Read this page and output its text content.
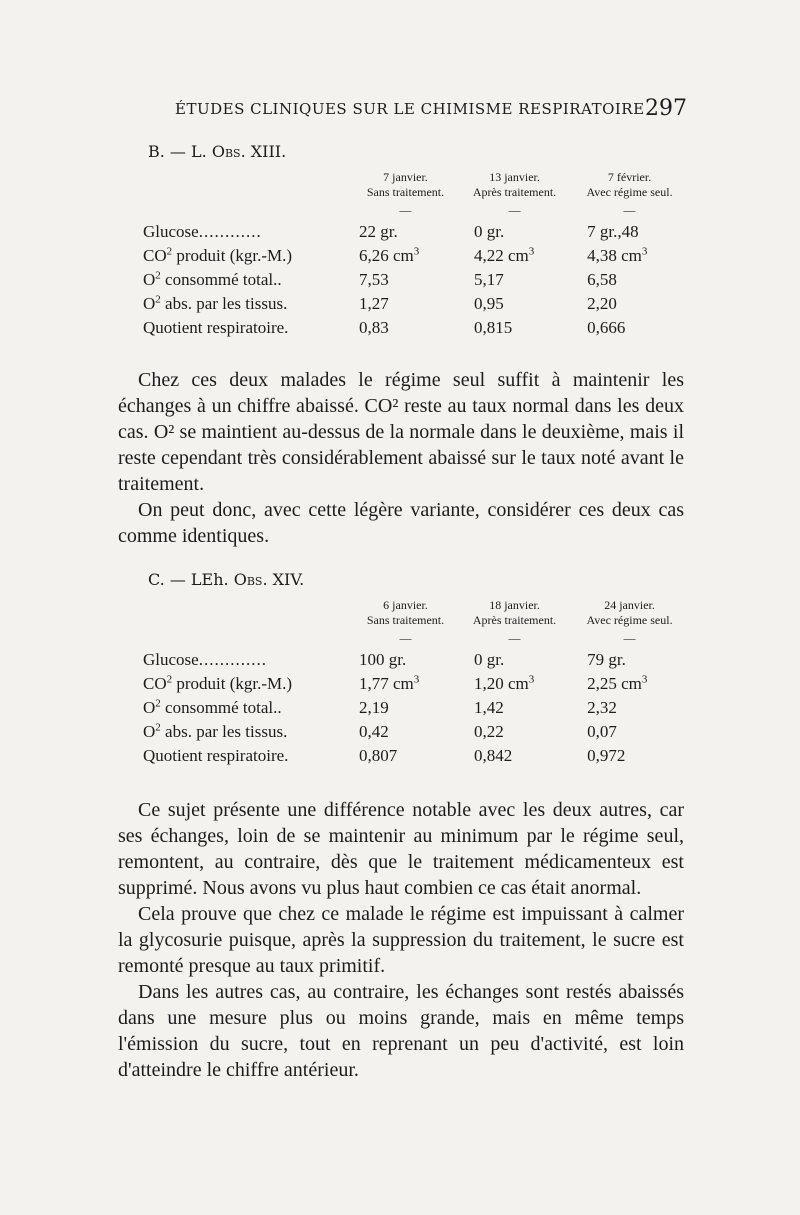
ÉTUDES CLINIQUES SUR LE CHIMISME RESPIRATOIRE 297
B. — L. Obs. XIII.
	7 janvier.	13 janvier.	7 février.
	Sans traitement.	Après traitement.	Avec régime seul.
	—	—	—
Glucose............	22 gr.	0 gr.	7 gr.,48
$CO^2$ produit (kgr.-M.)	6,26 $cm^3$	4,22 $cm^3$	4,38 $cm^3$
$O^2$ consommé total..	7,53	5,17	6,58
$O^2$ abs. par les tissus.	1,27	0,95	2,20
Quotient respiratoire.	0,83	0,815	0,666

Chez ces deux malades le régime seul suffit à maintenir les échanges à un chiffre abaissé. CO² reste au taux normal dans les deux cas. O² se maintient au-dessus de la normale dans le deuxième, mais il reste cependant très considérablement abaissé sur le taux noté avant le traitement.

On peut donc, avec cette légère variante, considérer ces deux cas comme identiques.

C. — LEh. Obs. XIV.
	6 janvier.	18 janvier.	24 janvier.
	Sans traitement.	Après traitement.	Avec régime seul.
	—	—	—
Glucose.............	100 gr.	0 gr.	79 gr.
$CO^2$ produit (kgr.-M.)	1,77 $cm^3$	1,20 $cm^3$	2,25 $cm^3$
$O^2$ consommé total..	2,19	1,42	2,32
$O^2$ abs. par les tissus.	0,42	0,22	0,07
Quotient respiratoire.	0,807	0,842	0,972

Ce sujet présente une différence notable avec les deux autres, car ses échanges, loin de se maintenir au minimum par le régime seul, remontent, au contraire, dès que le traitement médicamenteux est supprimé. Nous avons vu plus haut combien ce cas était anormal.

Cela prouve que chez ce malade le régime est impuissant à calmer la glycosurie puisque, après la suppression du traitement, le sucre est remonté presque au taux primitif.

Dans les autres cas, au contraire, les échanges sont restés abaissés dans une mesure plus ou moins grande, mais en même temps l'émission du sucre, tout en reprenant un peu d'activité, est loin d'atteindre le chiffre antérieur.
